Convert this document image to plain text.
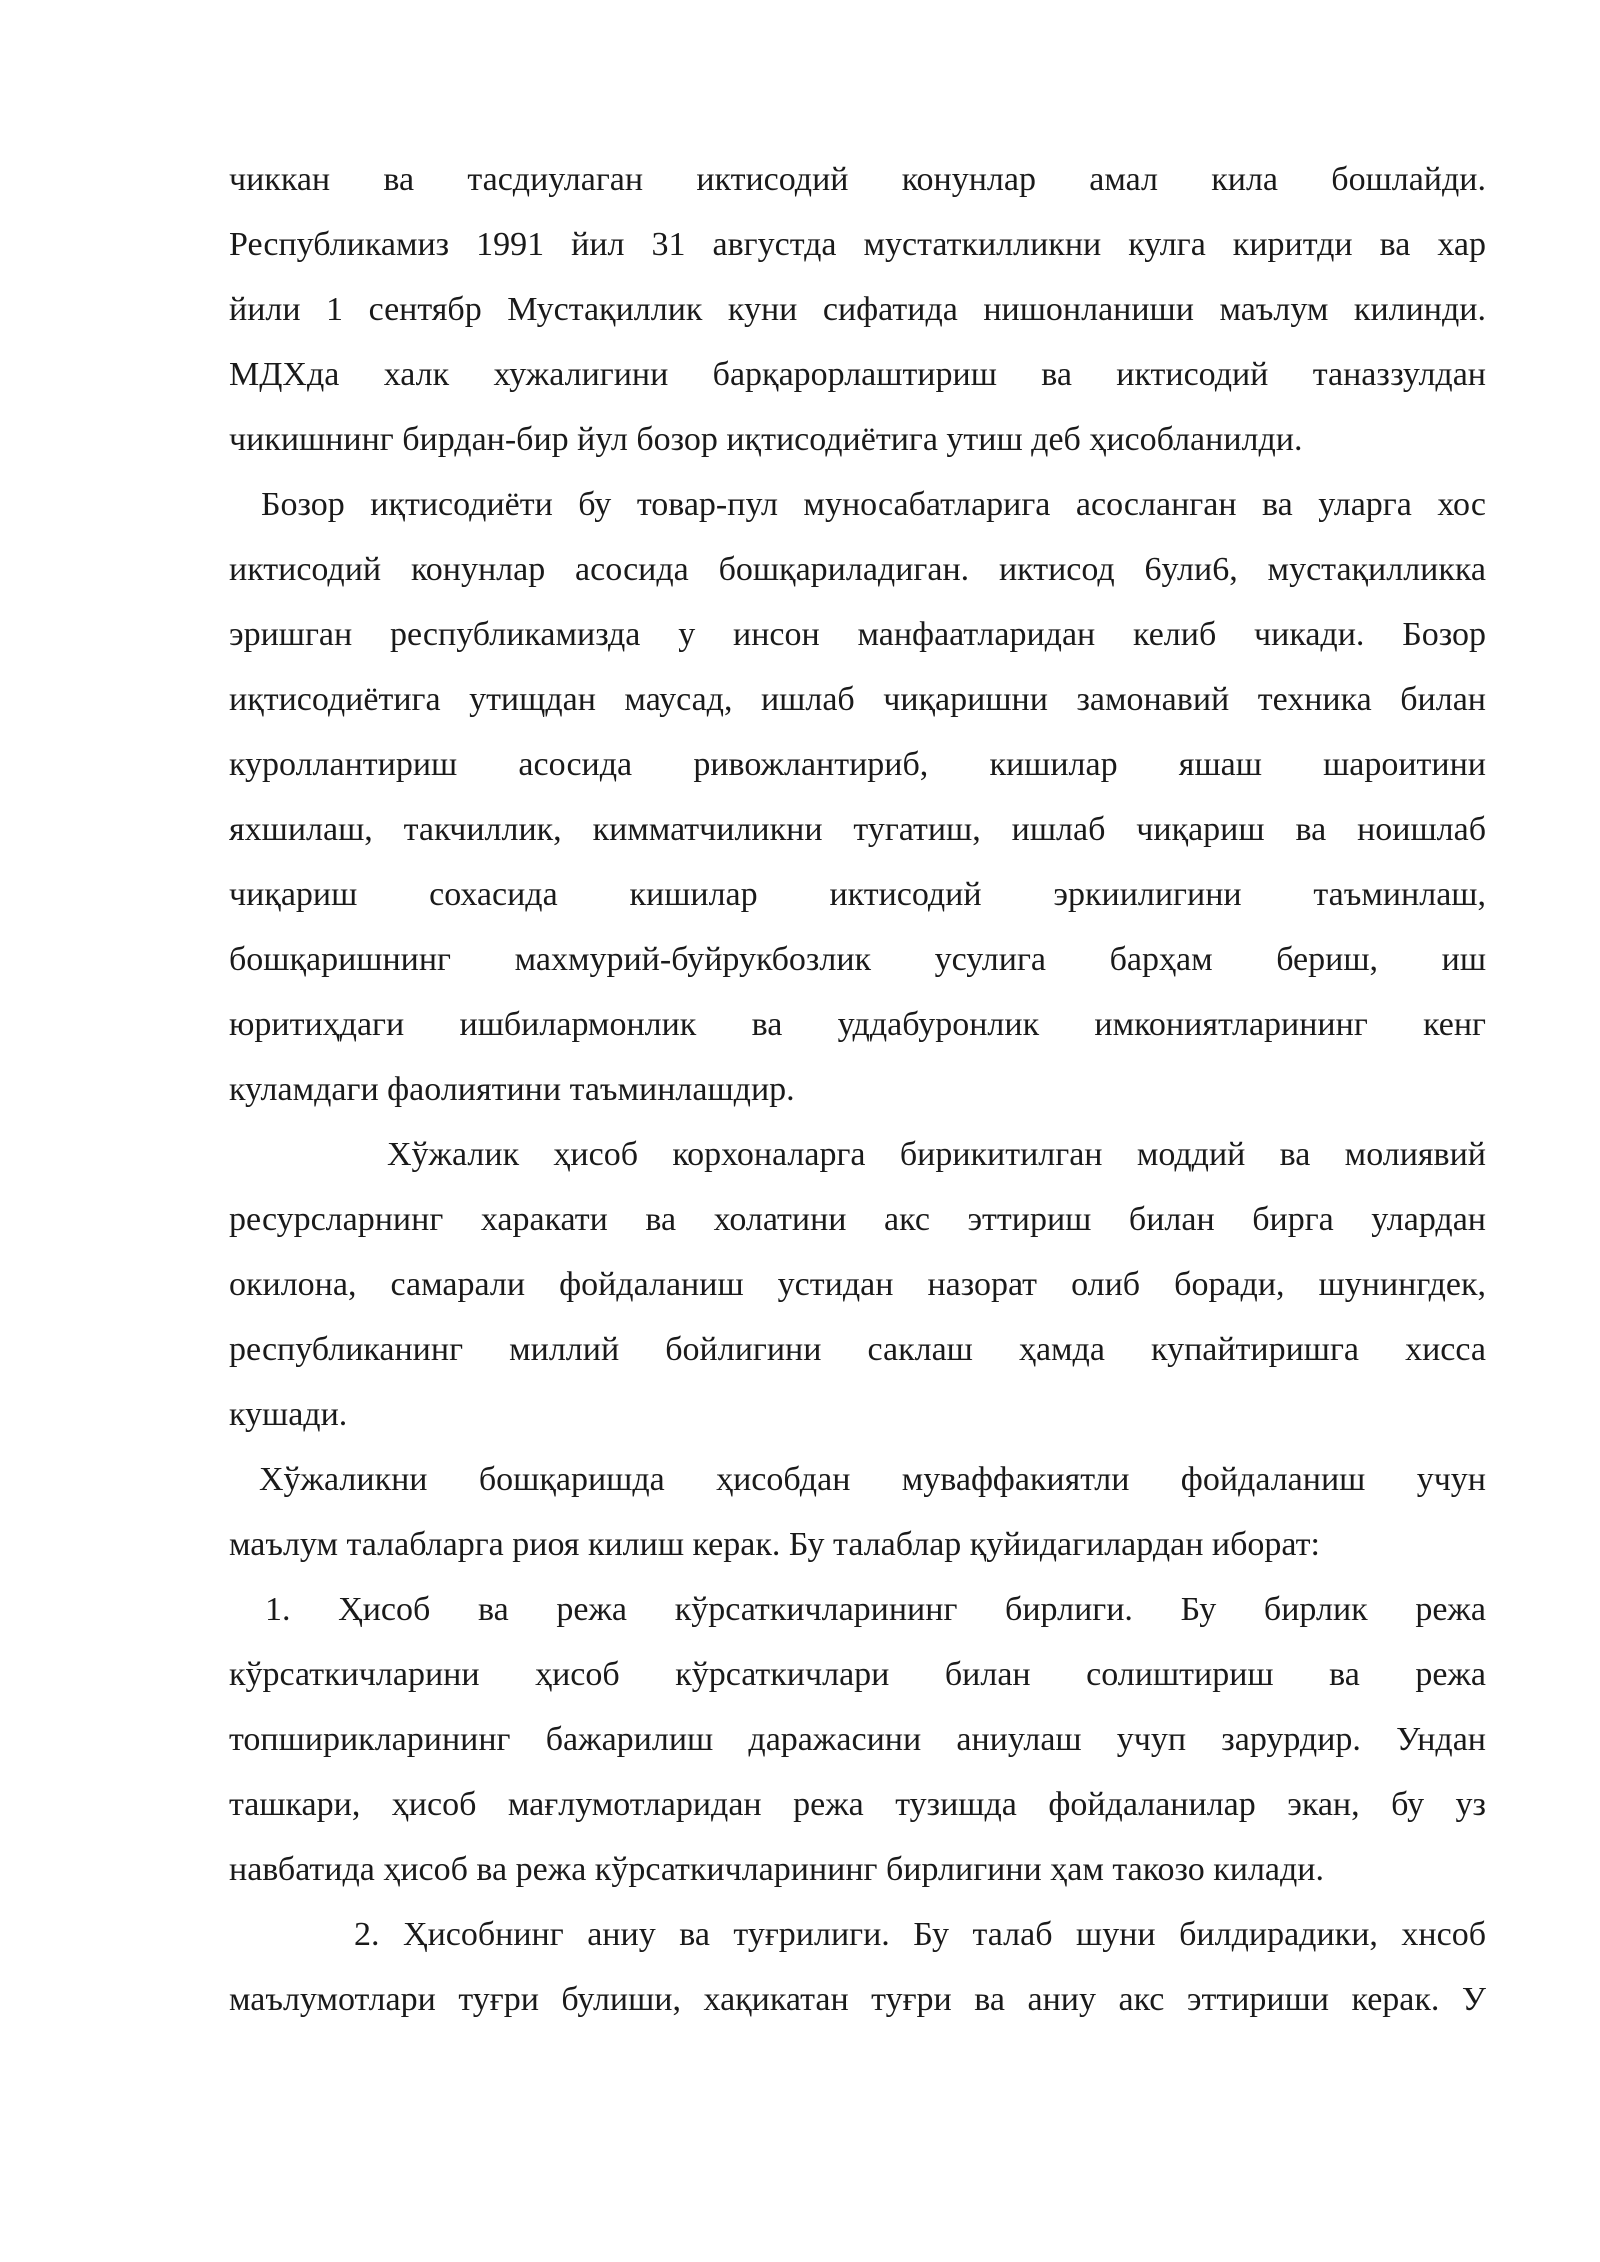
чиккан ва тасдиулаган иктисодий конунлар амал кила бошлайди.
Республикамиз 1991 йил 31 августда мустаткилликни кулга киритди ва хар
йили 1 сентябр Мустақиллик куни сифатида нишонланиши маълум килинди.
МДХда халк хужалигини барқарорлаштириш ва иктисодий таназзулдан
чикишнинг бирдан-бир йул бозор иқтисодиётига утиш деб ҳисобланилди.
Бозор иқтисодиёти бу товар-пул муносабатларига асосланган ва уларга хос
иктисодий конунлар асосида бошқариладиган. иктисод 6ули6, мустақилликка
эришган республикамизда у инсон манфаатларидан келиб чикади. Бозор
иқтисодиётига утищдан маусад, ишлаб чиқаришни замонавий техника билан
куроллантириш асосида ривожлантириб, кишилар яшаш шароитини
яхшилаш, такчиллик, кимматчиликни тугатиш, ишлаб чиқариш ва ноишлаб
чиқариш сохасида кишилар иктисодий эркиилигини таъминлаш,
бошқаришнинг махмурий-буйрукбозлик усулига барҳам бериш, иш
юритиҳдаги ишбилармонлик ва уддабуронлик имкониятларининг кенг
куламдаги фаолиятини таъминлашдир.
Хўжалик ҳисоб корхоналарга бирикитилган моддий ва молиявий
ресурсларнинг харакати ва холатини акс эттириш билан бирга улардан
окилона, самарали фойдаланиш устидан назорат олиб боради, шунингдек,
республиканинг миллий бойлигини саклаш ҳамда купайтиришга хисса
кушади.
Хўжаликни бошқаришда ҳисобдан муваффакиятли фойдаланиш учун
маълум талабларга риоя килиш керак. Бу талаблар қуйидагилардан иборат:
1. Ҳисоб ва режа кўрсаткичларининг бирлиги. Бу бирлик режа
кўрсаткичларини ҳисоб кўрсаткичлари билан солиштириш ва режа
топширикларининг бажарилиш даражасини аниулаш учуп зарурдир. Ундан
ташкари, ҳисоб мағлумотларидан режа тузишда фойдаланилар экан, бу уз
навбатида ҳисоб ва режа кўрсаткичларининг бирлигини ҳам такозо килади.
2. Ҳисобнинг аниу ва туғрилиги. Бу талаб шуни билдирадики, хнсоб
маълумотлари туғри булиши, хақикатан туғри ва аниу акс эттириши керак. У
